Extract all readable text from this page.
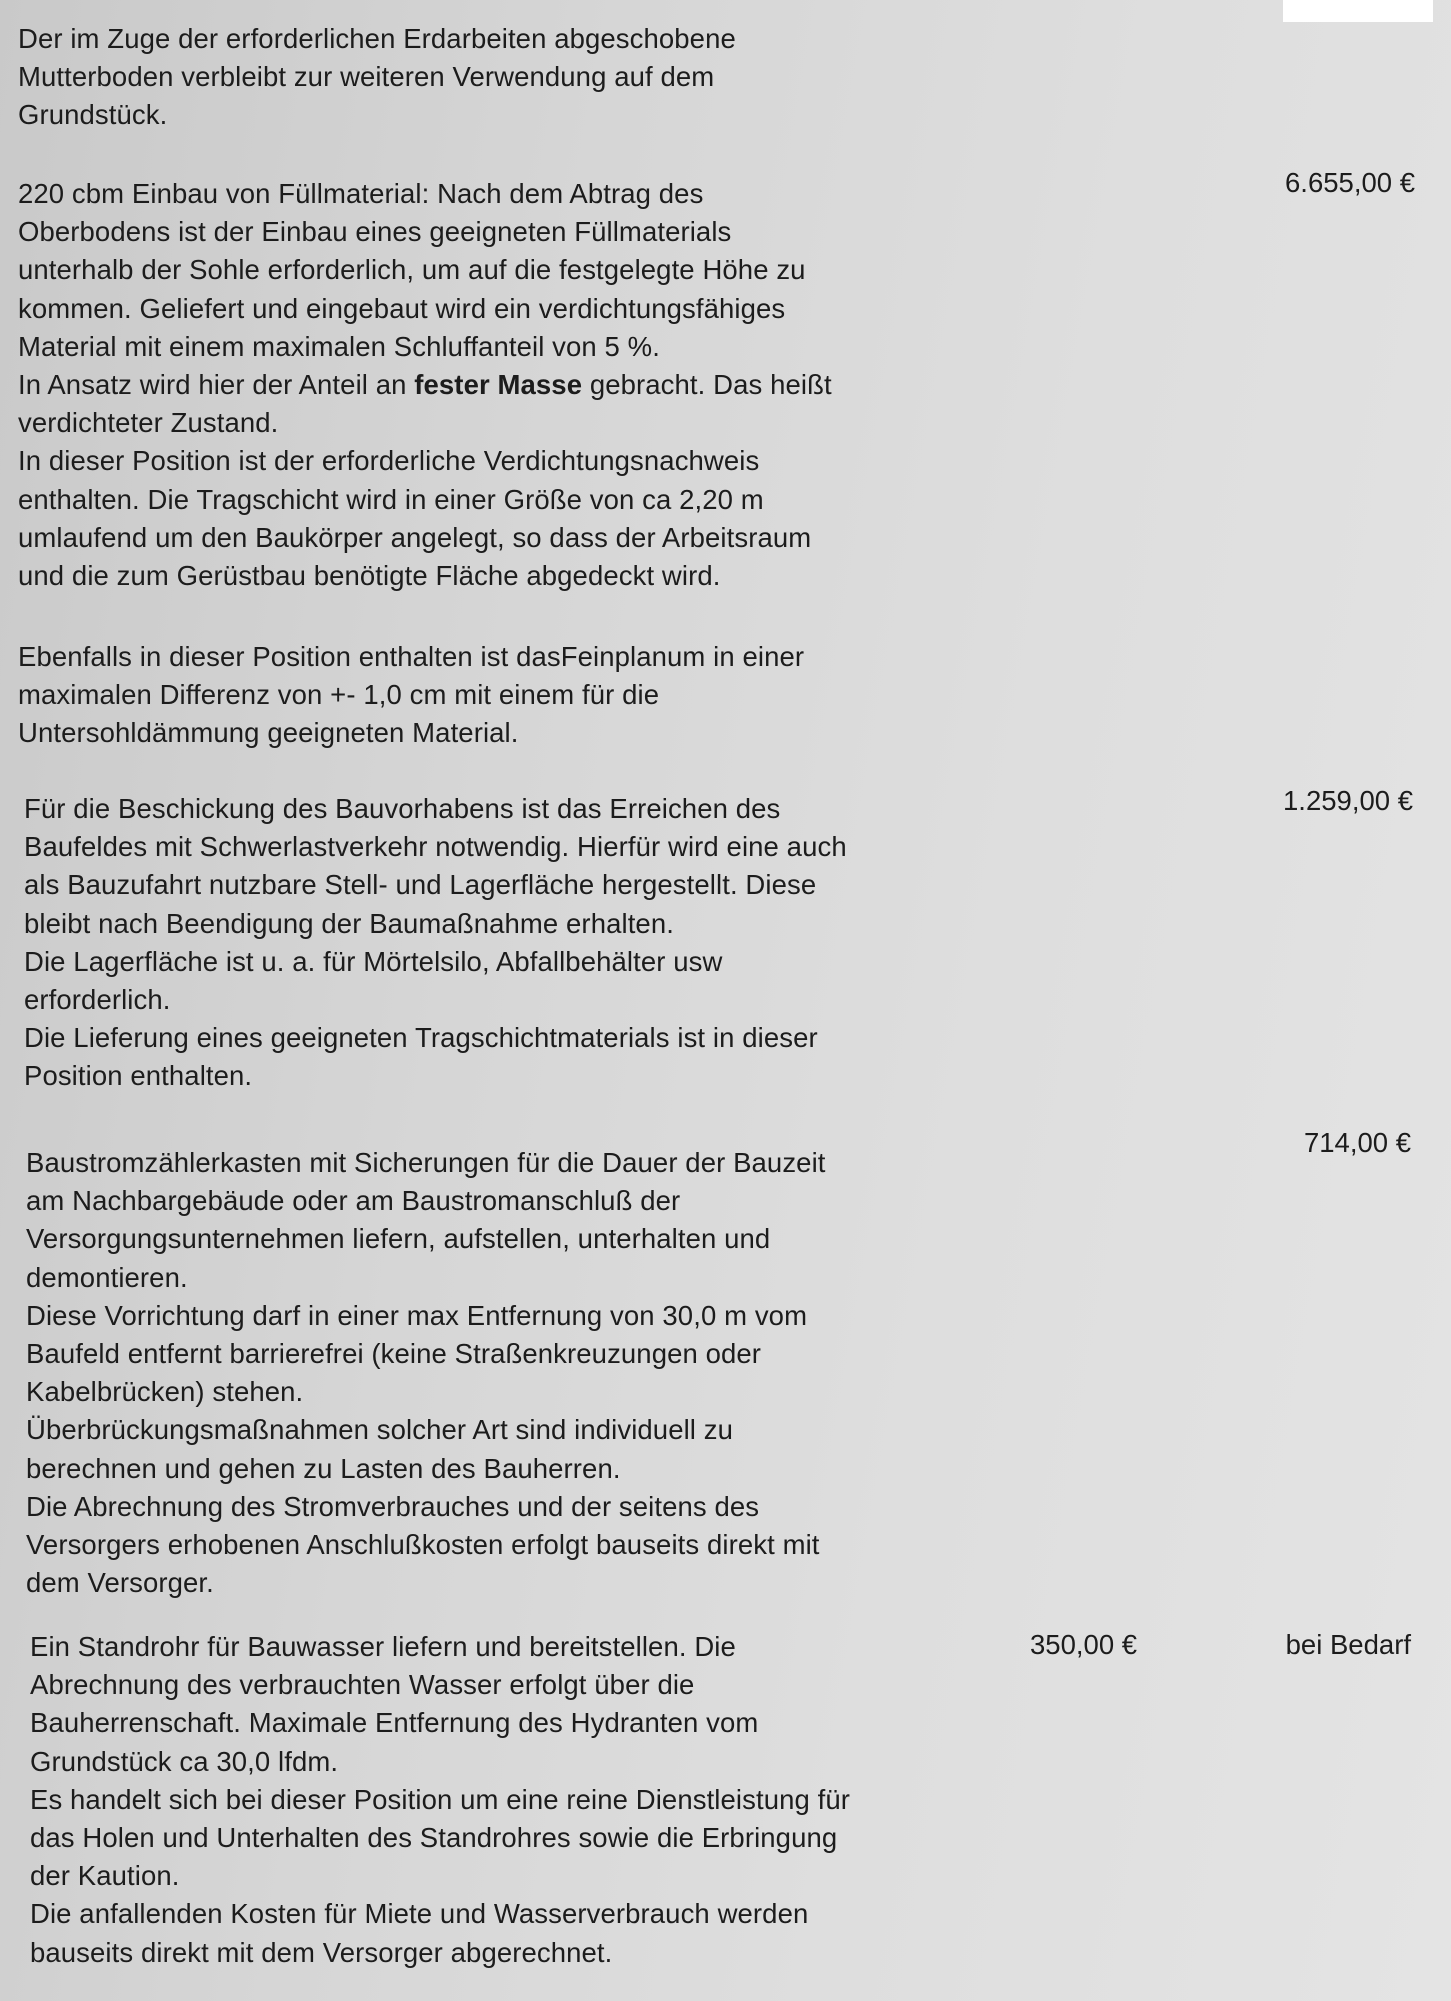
Der im Zuge der erforderlichen Erdarbeiten abgeschobene
Mutterboden verbleibt zur weiteren Verwendung auf dem
Grundstück.
220 cbm Einbau von Füllmaterial: Nach dem Abtrag des
Oberbodens ist der Einbau eines geeigneten Füllmaterials
unterhalb der Sohle erforderlich, um auf die festgelegte Höhe zu
kommen. Geliefert und eingebaut wird ein verdichtungsfähiges
Material mit einem maximalen Schluffanteil von 5 %.
In Ansatz wird hier der Anteil an fester Masse gebracht. Das heißt
verdichteter Zustand.
In dieser Position ist der erforderliche Verdichtungsnachweis
enthalten. Die Tragschicht wird in einer Größe von ca 2,20 m
umlaufend um den Baukörper angelegt, so dass der Arbeitsraum
und die zum Gerüstbau benötigte Fläche abgedeckt wird.
6.655,00 €
Ebenfalls in dieser Position enthalten ist dasFeinplanum in einer
maximalen Differenz von +- 1,0 cm mit einem für die
Untersohldämmung geeigneten Material.
Für die Beschickung des Bauvorhabens ist das Erreichen des
Baufeldes mit Schwerlastverkehr notwendig. Hierfür wird eine auch
als Bauzufahrt nutzbare Stell- und Lagerfläche hergestellt. Diese
bleibt nach Beendigung der Baumaßnahme erhalten.
Die Lagerfläche ist u. a. für Mörtelsilo, Abfallbehälter usw
erforderlich.
Die Lieferung eines geeigneten Tragschichtmaterials ist in dieser
Position enthalten.
1.259,00 €
Baustromzählerkasten mit Sicherungen für die Dauer der Bauzeit
am Nachbargebäude oder am Baustromanschluß der
Versorgungsunternehmen liefern, aufstellen, unterhalten und
demontieren.
Diese Vorrichtung darf in einer max Entfernung von 30,0 m vom
Baufeld entfernt barrierefrei (keine Straßenkreuzungen oder
Kabelbrücken) stehen.
Überbrückungsmaßnahmen solcher Art sind individuell zu
berechnen und gehen zu Lasten des Bauherren.
Die Abrechnung des Stromverbrauches und der seitens des
Versorgers erhobenen Anschlußkosten erfolgt bauseits direkt mit
dem Versorger.
714,00 €
Ein Standrohr für Bauwasser liefern und bereitstellen. Die
Abrechnung des verbrauchten Wasser erfolgt über die
Bauherrenschaft. Maximale Entfernung des Hydranten vom
Grundstück ca 30,0 lfdm.
Es handelt sich bei dieser Position um eine reine Dienstleistung für
das Holen und Unterhalten des Standrohres sowie die Erbringung
der Kaution.
Die anfallenden Kosten für Miete und Wasserverbrauch werden
bauseits direkt mit dem Versorger abgerechnet.
350,00 €	bei Bedarf
